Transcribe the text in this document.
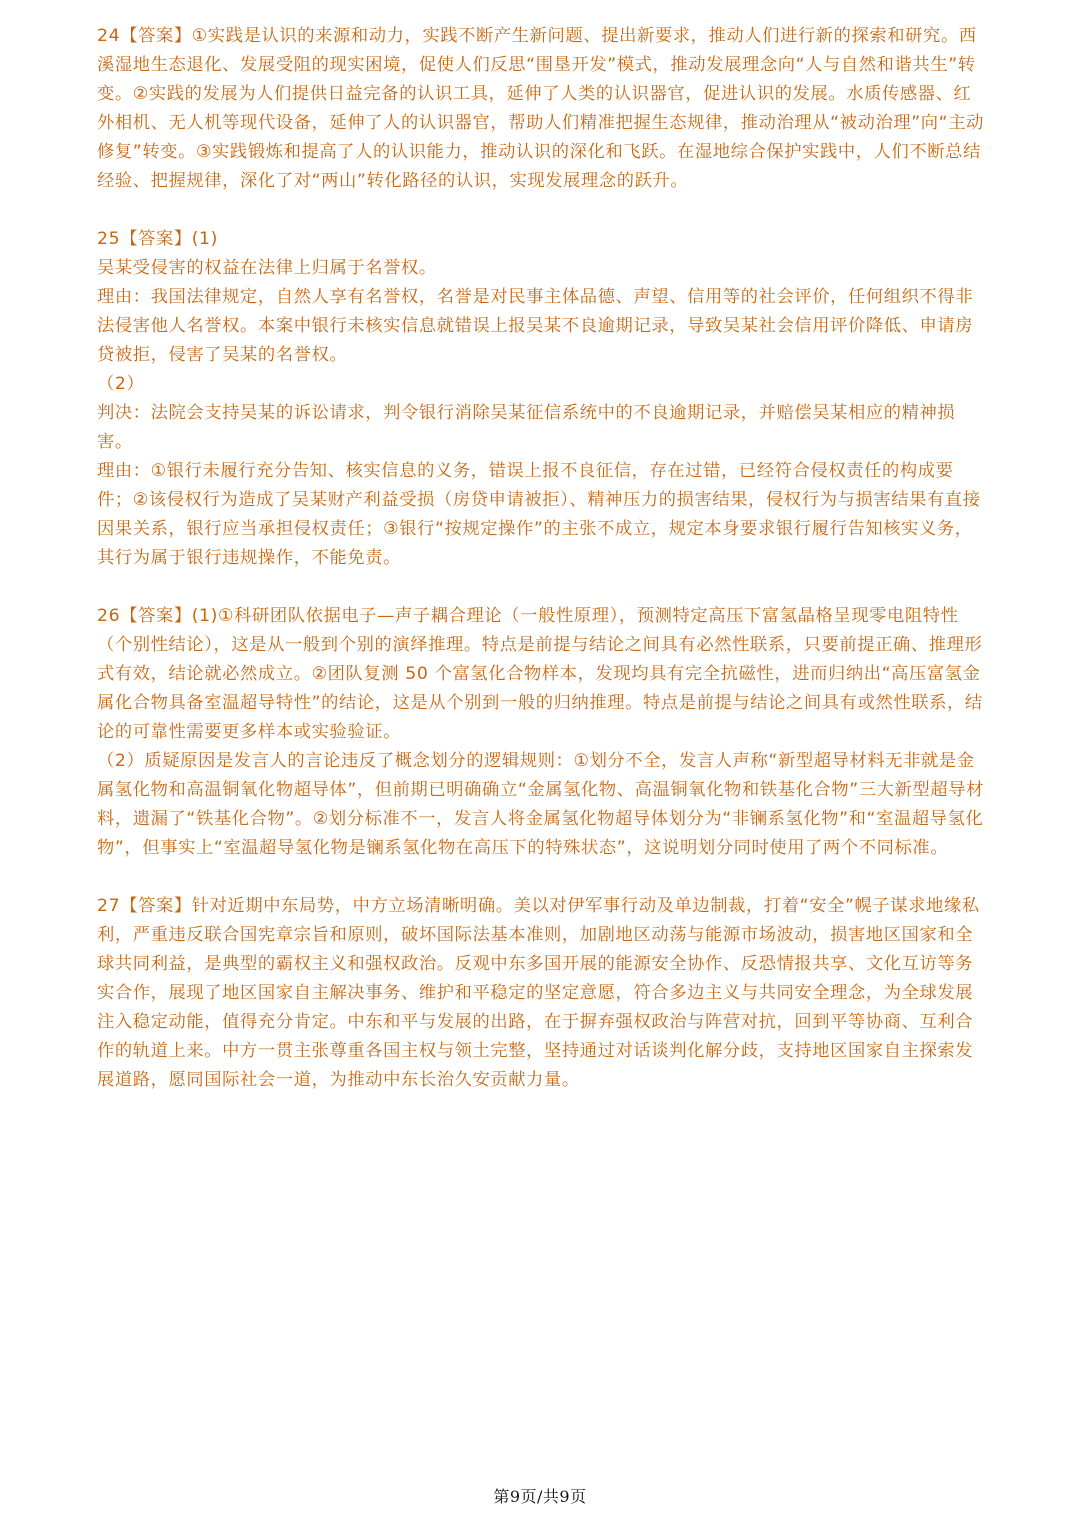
24【答案】①实践是认识的来源和动力，实践不断产生新问题、提出新要求，推动人们进行新的探索和研究。西溪湿地生态退化、发展受阻的现实困境，促使人们反思“围垦开发”模式，推动发展理念向“人与自然和谐共生”转变。②实践的发展为人们提供日益完备的认识工具，延伸了人类的认识器官，促进认识的发展。水质传感器、红外相机、无人机等现代设备，延伸了人的认识器官，帮助人们精准把握生态规律，推动治理从“被动治理”向“主动修复”转变。③实践锻炼和提高了人的认识能力，推动认识的深化和飞跃。在湿地综合保护实践中，人们不断总结经验、把握规律，深化了对“两山”转化路径的认识，实现发展理念的跃升。

25【答案】(1)

吴某受侵害的权益在法律上归属于名誉权。

理由：我国法律规定，自然人享有名誉权，名誉是对民事主体品德、声望、信用等的社会评价，任何组织不得非法侵害他人名誉权。本案中银行未核实信息就错误上报吴某不良逾期记录，导致吴某社会信用评价降低、申请房贷被拒，侵害了吴某的名誉权。

（2）

判决：法院会支持吴某的诉讼请求，判令银行消除吴某征信系统中的不良逾期记录，并赔偿吴某相应的精神损害。

理由：①银行未履行充分告知、核实信息的义务，错误上报不良征信，存在过错，已经符合侵权责任的构成要件；②该侵权行为造成了吴某财产利益受损（房贷申请被拒）、精神压力的损害结果，侵权行为与损害结果有直接因果关系，银行应当承担侵权责任；③银行“按规定操作”的主张不成立，规定本身要求银行履行告知核实义务，其行为属于银行违规操作，不能免责。

26【答案】(1)①科研团队依据电子—声子耦合理论（一般性原理），预测特定高压下富氢晶格呈现零电阻特性（个别性结论），这是从一般到个别的演绎推理。特点是前提与结论之间具有必然性联系，只要前提正确、推理形式有效，结论就必然成立。②团队复测 50 个富氢化合物样本，发现均具有完全抗磁性，进而归纳出“高压富氢金属化合物具备室温超导特性”的结论，这是从个别到一般的归纳推理。特点是前提与结论之间具有或然性联系，结论的可靠性需要更多样本或实验验证。

（2）质疑原因是发言人的言论违反了概念划分的逻辑规则：①划分不全，发言人声称“新型超导材料无非就是金属氢化物和高温铜氧化物超导体”，但前期已明确确立“金属氢化物、高温铜氧化物和铁基化合物”三大新型超导材料，遗漏了“铁基化合物”。②划分标准不一，发言人将金属氢化物超导体划分为“非镧系氢化物”和“室温超导氢化物”，但事实上“室温超导氢化物是镧系氢化物在高压下的特殊状态”，这说明划分同时使用了两个不同标准。

27【答案】针对近期中东局势，中方立场清晰明确。美以对伊军事行动及单边制裁，打着“安全”幌子谋求地缘私利，严重违反联合国宪章宗旨和原则，破坏国际法基本准则，加剧地区动荡与能源市场波动，损害地区国家和全球共同利益，是典型的霸权主义和强权政治。反观中东多国开展的能源安全协作、反恐情报共享、文化互访等务实合作，展现了地区国家自主解决事务、维护和平稳定的坚定意愿，符合多边主义与共同安全理念，为全球发展注入稳定动能，值得充分肯定。中东和平与发展的出路，在于摒弃强权政治与阵营对抗，回到平等协商、互利合作的轨道上来。中方一贯主张尊重各国主权与领土完整，坚持通过对话谈判化解分歧，支持地区国家自主探索发展道路，愿同国际社会一道，为推动中东长治久安贡献力量。

第9页/共9页
